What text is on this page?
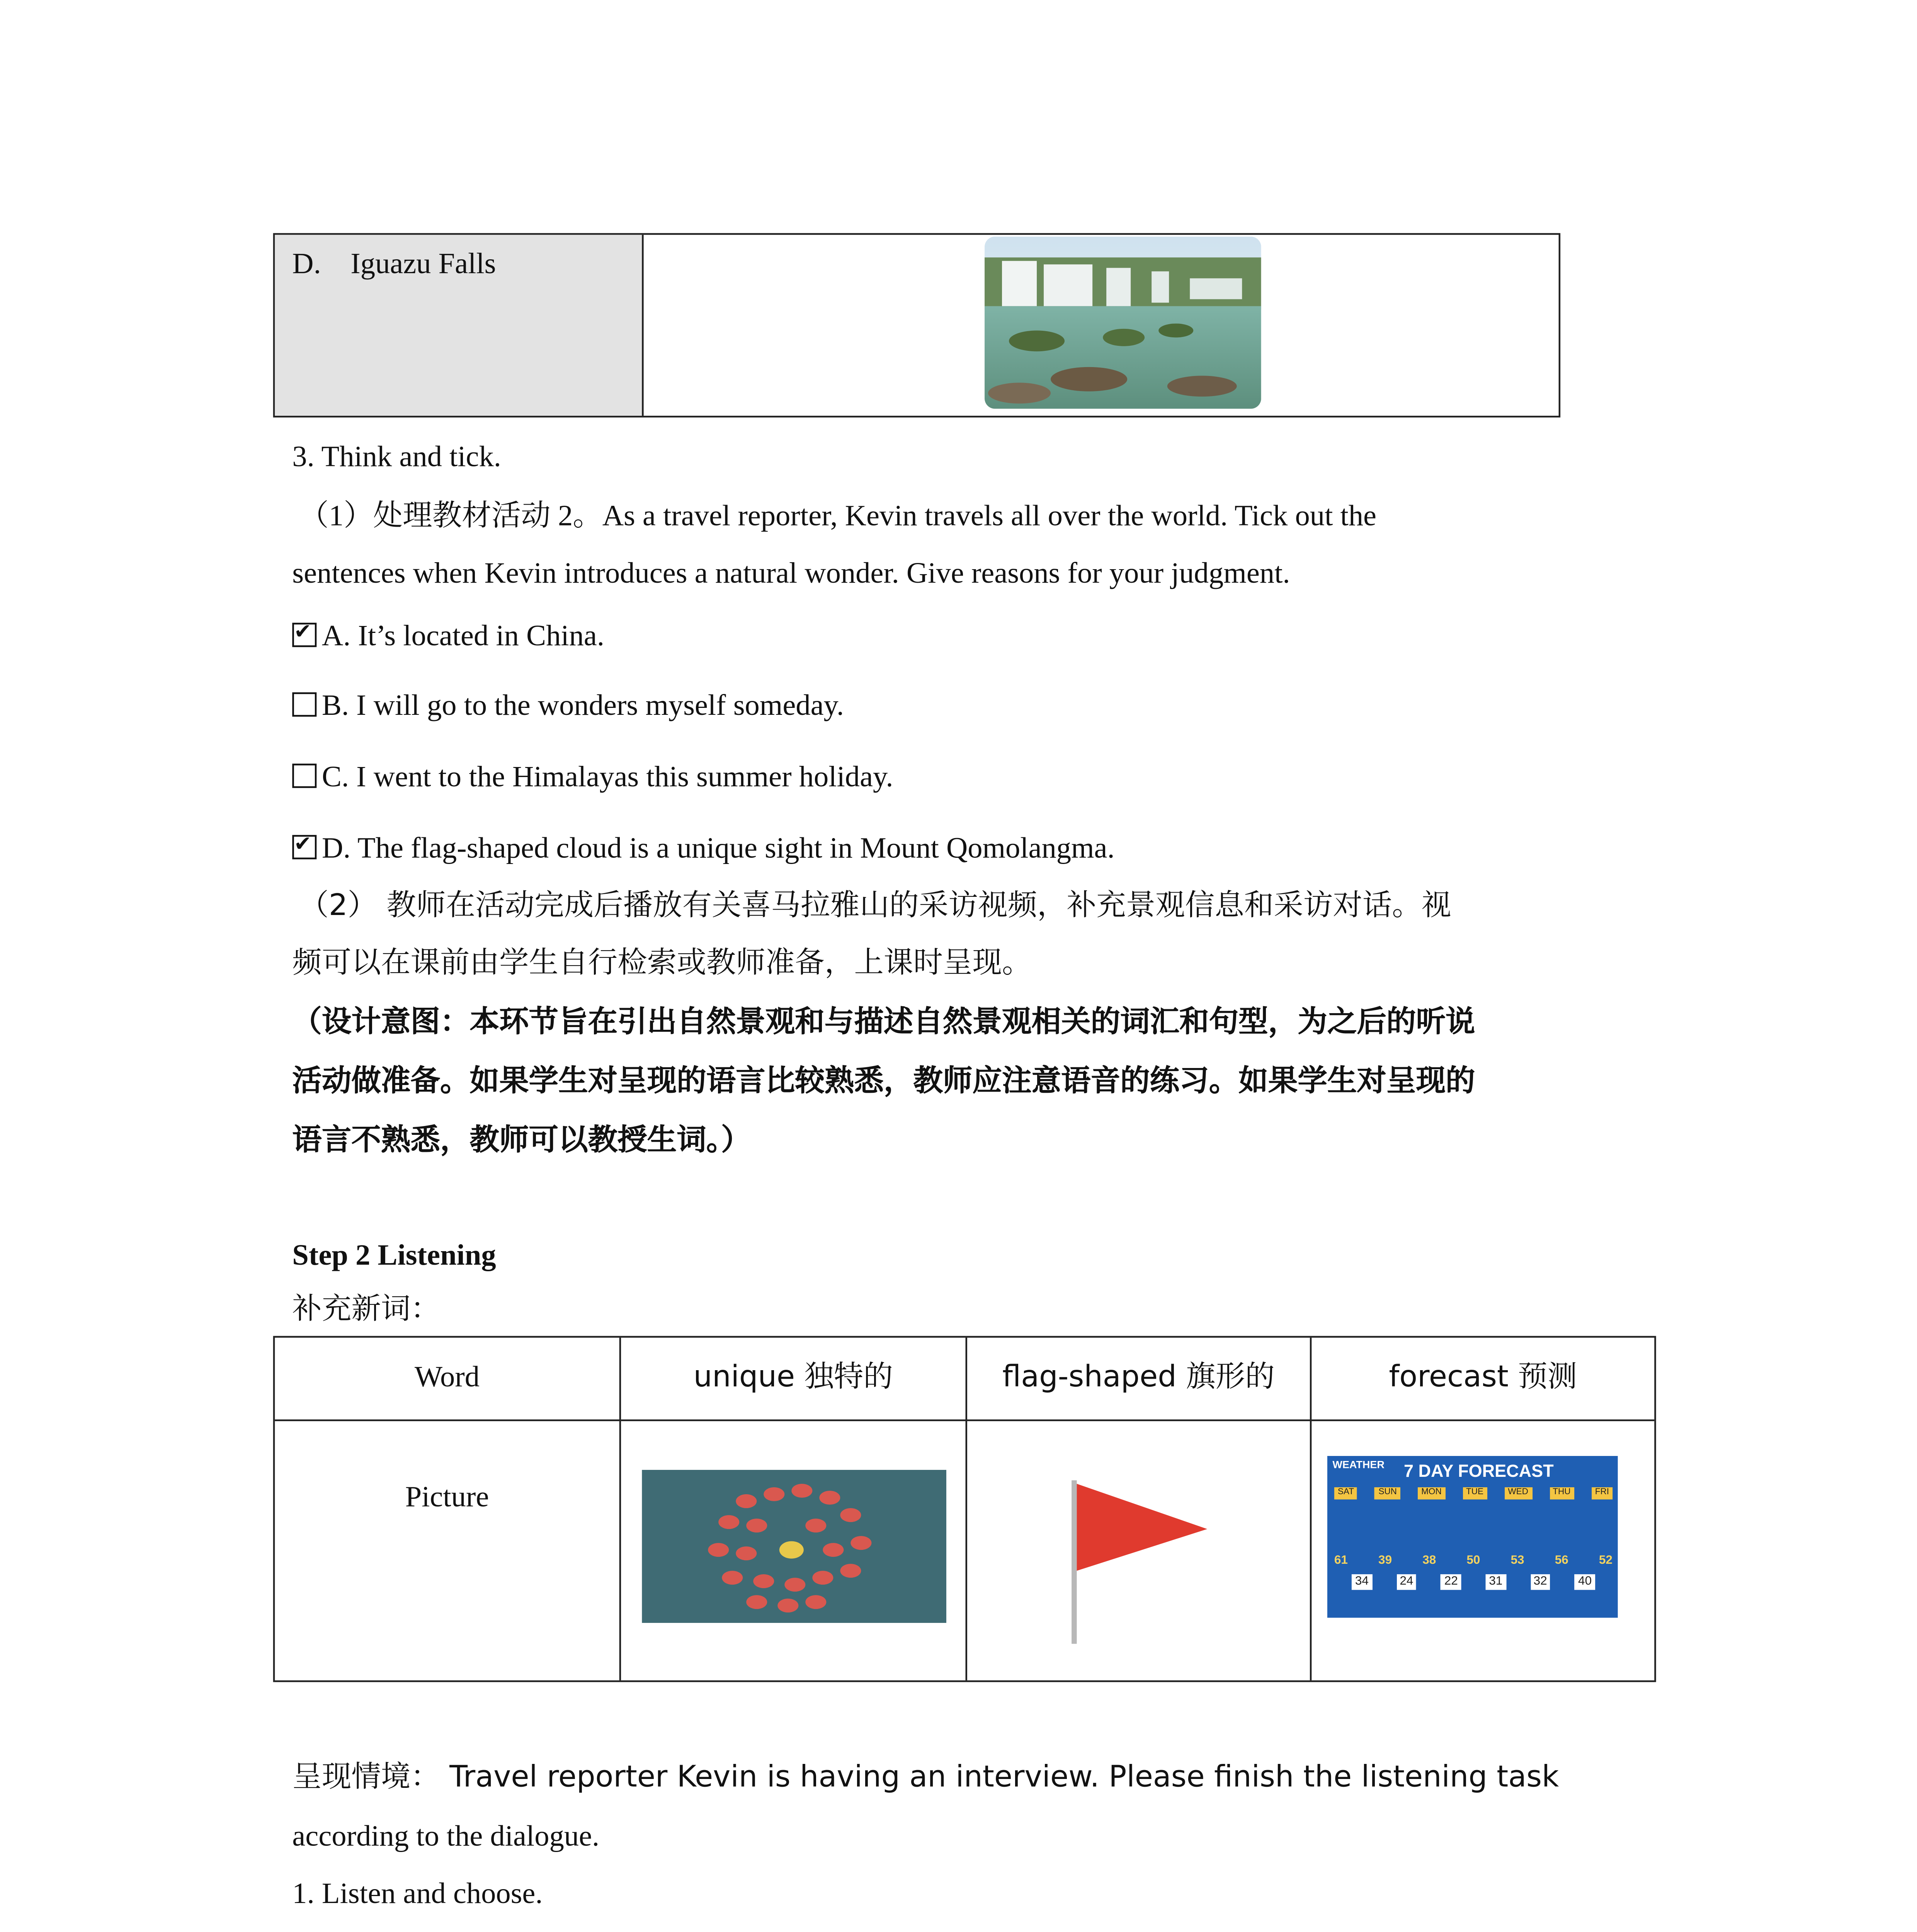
D.    Iguazu Falls
3. Think and tick.
（1）处理教材活动 2。As a travel reporter, Kevin travels all over the world. Tick out the
sentences when Kevin introduces a natural wonder. Give reasons for your judgment.
✔A. It’s located in China.
B. I will go to the wonders myself someday.
C. I went to the Himalayas this summer holiday.
✔D. The flag-shaped cloud is a unique sight in Mount Qomolangma.
（2） 教师在活动完成后播放有关喜马拉雅山的采访视频，补充景观信息和采访对话。视
频可以在课前由学生自行检索或教师准备，上课时呈现。
（设计意图：本环节旨在引出自然景观和与描述自然景观相关的词汇和句型，为之后的听说
活动做准备。如果学生对呈现的语言比较熟悉，教师应注意语音的练习。如果学生对呈现的
语言不熟悉，教师可以教授生词。）
Step 2 Listening
补充新词：
Word	unique 独特的	flag-shaped 旗形的	forecast 预测
Picture
WEATHER	7 DAY FORECAST
SAT	SUN	MON	TUE	WED	THU	FRI
61	39	38	50	53	56	52
34	24	22	31	32	40
呈现情境： Travel reporter Kevin is having an interview. Please finish the listening task
according to the dialogue.
1. Listen and choose.
